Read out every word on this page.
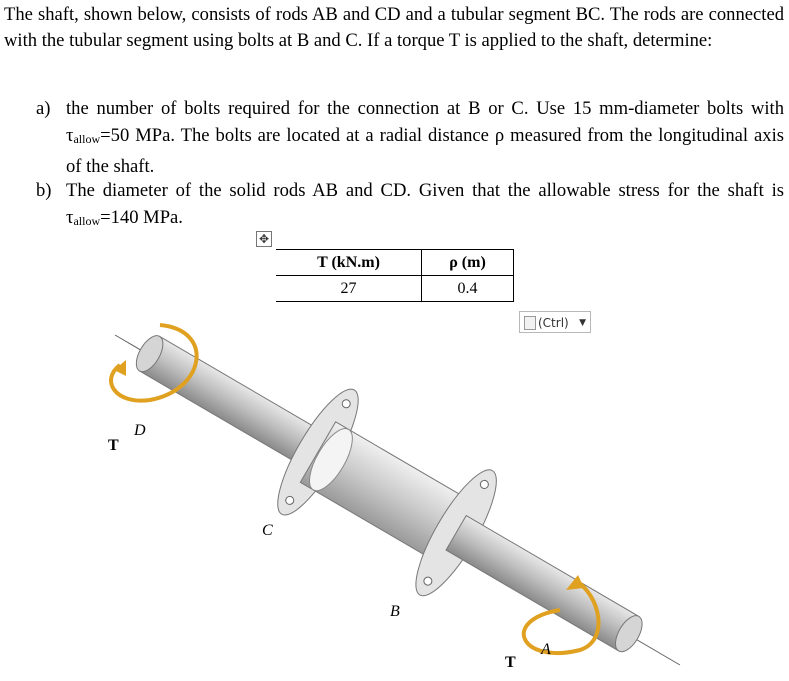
The shaft, shown below, consists of rods AB and CD and a tubular segment BC. The rods are connected with the tubular segment using bolts at B and C. If a torque T is applied to the shaft, determine:

a) the number of bolts required for the connection at B or C. Use 15 mm-diameter bolts with τallow=50 MPa. The bolts are located at a radial distance ρ measured from the longitudinal axis of the shaft.
b) The diameter of the solid rods AB and CD. Given that the allowable stress for the shaft is τallow=140 MPa.
✥
T (kN.m)	ρ (m)
27	0.4
(Ctrl) ▼
D
T
C
B
T
A
